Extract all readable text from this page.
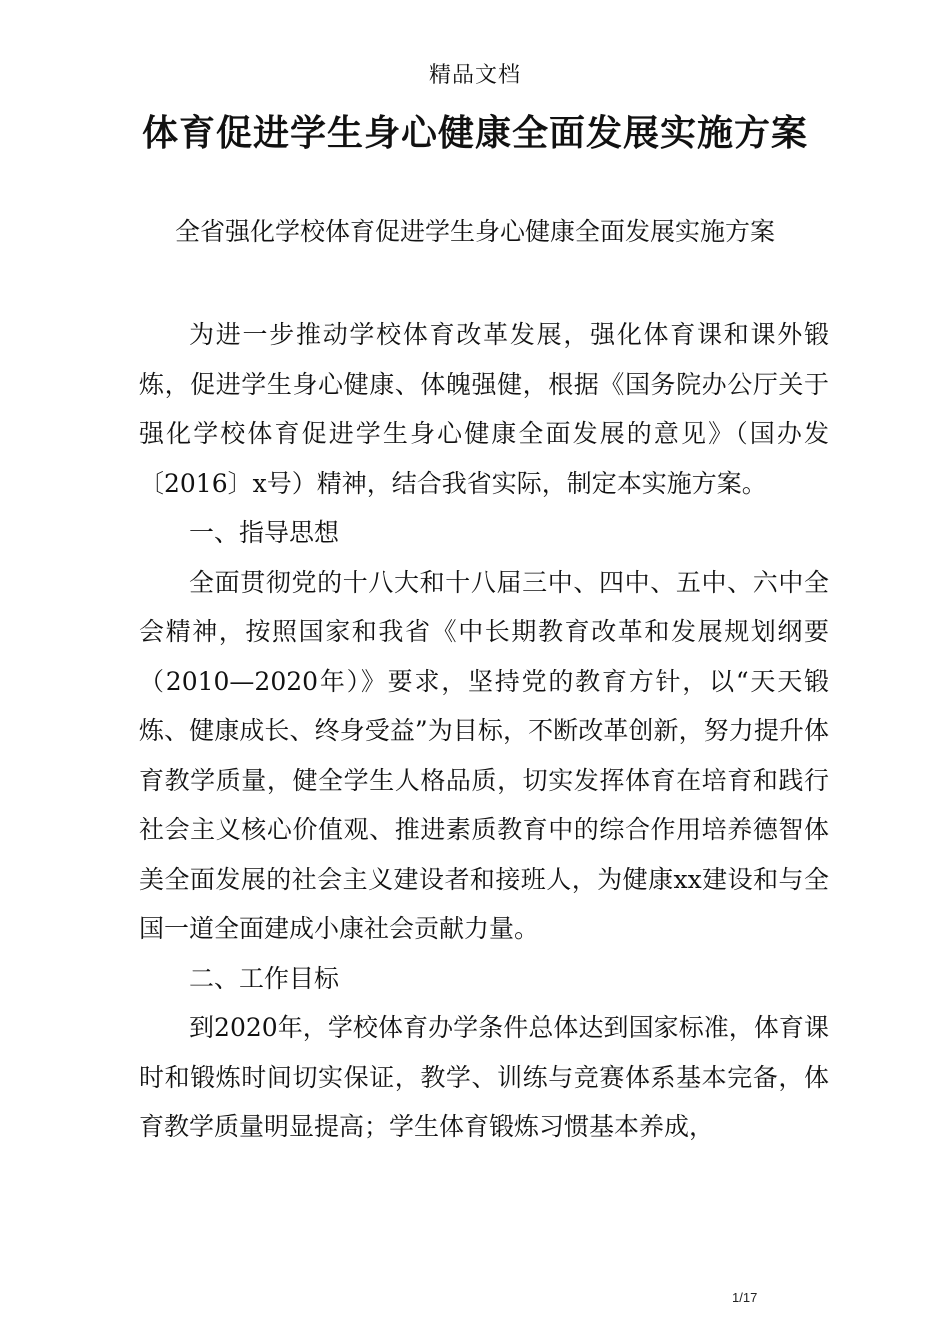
精品文档
体育促进学生身心健康全面发展实施方案
全省强化学校体育促进学生身心健康全面发展实施方案

为进一步推动学校体育改革发展，强化体育课和课外锻炼，促进学生身心健康、体魄强健，根据《国务院办公厅关于强化学校体育促进学生身心健康全面发展的意见》（国办发〔2016〕x号）精神，结合我省实际，制定本实施方案。

一、指导思想

全面贯彻党的十八大和十八届三中、四中、五中、六中全会精神，按照国家和我省《中长期教育改革和发展规划纲要（2010—2020年）》要求，坚持党的教育方针，以“天天锻炼、健康成长、终身受益”为目标，不断改革创新，努力提升体育教学质量，健全学生人格品质，切实发挥体育在培育和践行社会主义核心价值观、推进素质教育中的综合作用培养德智体美全面发展的社会主义建设者和接班人，为健康xx建设和与全国一道全面建成小康社会贡献力量。

二、工作目标

到2020年，学校体育办学条件总体达到国家标准，体育课时和锻炼时间切实保证，教学、训练与竞赛体系基本完备，体育教学质量明显提高；学生体育锻炼习惯基本养成，

1/17
